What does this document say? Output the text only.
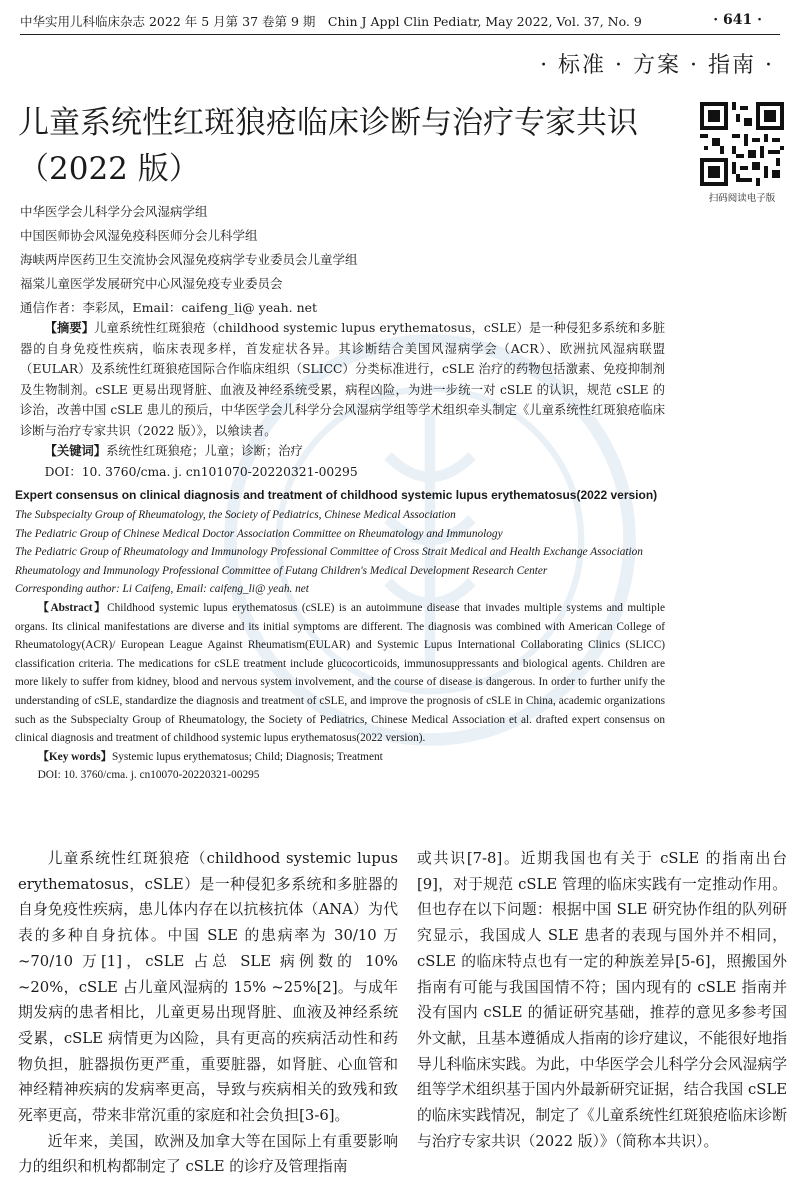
中华实用儿科临床杂志 2022 年 5 月第 37 卷第 9 期　Chin J Appl Clin Pediatr, May 2022, Vol. 37, No. 9	· 641 ·
· 标准 · 方案 · 指南 ·
儿童系统性红斑狼疮临床诊断与治疗专家共识（2022 版）
扫码阅读电子版
中华医学会儿科学分会风湿病学组
中国医师协会风湿免疫科医师分会儿科学组
海峡两岸医药卫生交流协会风湿免疫病学专业委员会儿童学组
福棠儿童医学发展研究中心风湿免疫专业委员会
通信作者：李彩凤，Email：caifeng_li@ yeah. net

【摘要】儿童系统性红斑狼疮（childhood systemic lupus erythematosus，cSLE）是一种侵犯多系统和多脏器的自身免疫性疾病，临床表现多样，首发症状各异。其诊断结合美国风湿病学会（ACR）、欧洲抗风湿病联盟（EULAR）及系统性红斑狼疮国际合作临床组织（SLICC）分类标准进行，cSLE 治疗的药物包括激素、免疫抑制剂及生物制剂。cSLE 更易出现肾脏、血液及神经系统受累，病程凶险，为进一步统一对 cSLE 的认识，规范 cSLE 的诊治，改善中国 cSLE 患儿的预后，中华医学会儿科学分会风湿病学组等学术组织牵头制定《儿童系统性红斑狼疮临床诊断与治疗专家共识（2022 版）》，以飨读者。

【关键词】系统性红斑狼疮；儿童；诊断；治疗

DOI：10. 3760/cma. j. cn101070-20220321-00295

Expert consensus on clinical diagnosis and treatment of childhood systemic lupus erythematosus(2022 version)

The Subspecialty Group of Rheumatology, the Society of Pediatrics, Chinese Medical Association

The Pediatric Group of Chinese Medical Doctor Association Committee on Rheumatology and Immunology

The Pediatric Group of Rheumatology and Immunology Professional Committee of Cross Strait Medical and Health Exchange Association

Rheumatology and Immunology Professional Committee of Futang Children's Medical Development Research Center

Corresponding author: Li Caifeng, Email: caifeng_li@ yeah. net

【Abstract】Childhood systemic lupus erythematosus (cSLE) is an autoimmune disease that invades multiple systems and multiple organs. Its clinical manifestations are diverse and its initial symptoms are different. The diagnosis was combined with American College of Rheumatology(ACR)/ European League Against Rheumatism(EULAR) and Systemic Lupus International Collaborating Clinics (SLICC) classification criteria. The medications for cSLE treatment include glucocorticoids, immunosuppressants and biological agents. Children are more likely to suffer from kidney, blood and nervous system involvement, and the course of disease is dangerous. In order to further unify the understanding of cSLE, standardize the diagnosis and treatment of cSLE, and improve the prognosis of cSLE in China, academic organizations such as the Subspecialty Group of Rheumatology, the Society of Pediatrics, Chinese Medical Association et al. drafted expert consensus on clinical diagnosis and treatment of childhood systemic lupus erythematosus(2022 version).

【Key words】Systemic lupus erythematosus; Child; Diagnosis; Treatment

DOI: 10. 3760/cma. j. cn10070-20220321-00295

儿童系统性红斑狼疮（childhood systemic lupus erythematosus，cSLE）是一种侵犯多系统和多脏器的自身免疫性疾病，患儿体内存在以抗核抗体（ANA）为代表的多种自身抗体。中国 SLE 的患病率为 30/10 万 ~70/10 万[1]，cSLE 占总 SLE 病例数的 10% ~20%，cSLE 占儿童风湿病的 15% ~25%[2]。与成年期发病的患者相比，儿童更易出现肾脏、血液及神经系统受累，cSLE 病情更为凶险，具有更高的疾病活动性和药物负担，脏器损伤更严重，重要脏器，如肾脏、心血管和神经精神疾病的发病率更高，导致与疾病相关的致残和致死率更高，带来非常沉重的家庭和社会负担[3-6]。

近年来，美国，欧洲及加拿大等在国际上有重要影响力的组织和机构都制定了 cSLE 的诊疗及管理指南

或共识[7-8]。近期我国也有关于 cSLE 的指南出台[9]，对于规范 cSLE 管理的临床实践有一定推动作用。但也存在以下问题：根据中国 SLE 研究协作组的队列研究显示，我国成人 SLE 患者的表现与国外并不相同，cSLE 的临床特点也有一定的种族差异[5-6]，照搬国外指南有可能与我国国情不符；国内现有的 cSLE 指南并没有国内 cSLE 的循证研究基础，推荐的意见多参考国外文献，且基本遵循成人指南的诊疗建议，不能很好地指导儿科临床实践。为此，中华医学会儿科学分会风湿病学组等学术组织基于国内外最新研究证据，结合我国 cSLE 的临床实践情况，制定了《儿童系统性红斑狼疮临床诊断与治疗专家共识（2022 版）》（简称本共识）。
